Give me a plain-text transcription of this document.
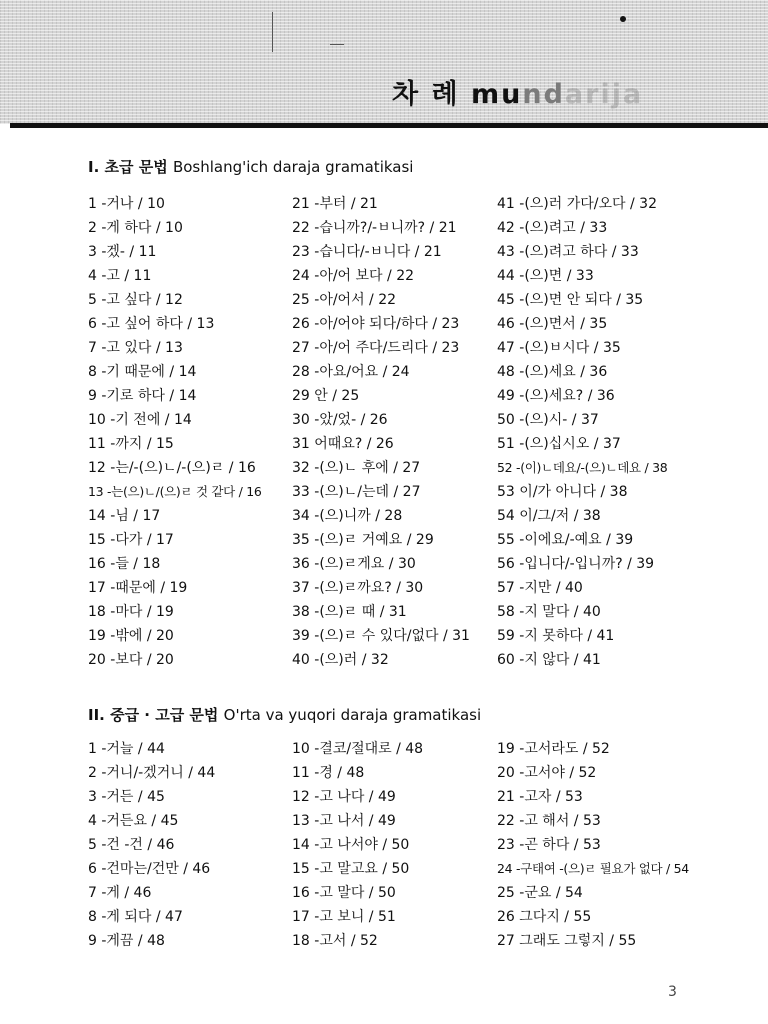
차 례 mundarija
I. 초급 문법 Boshlang'ich daraja gramatikasi
1 -거나 / 10
2 -게 하다 / 10
3 -겠- / 11
4 -고 / 11
5 -고 싶다 / 12
6 -고 싶어 하다 / 13
7 -고 있다 / 13
8 -기 때문에 / 14
9 -기로 하다 / 14
10 -기 전에 / 14
11 -까지 / 15
12 -는/-(으)ㄴ/-(으)ㄹ / 16
13 -는(으)ㄴ/(으)ㄹ 것 같다 / 16
14 -님 / 17
15 -다가 / 17
16 -들 / 18
17 -때문에 / 19
18 -마다 / 19
19 -밖에 / 20
20 -보다 / 20
21 -부터 / 21
22 -습니까?/-ㅂ니까? / 21
23 -습니다/-ㅂ니다 / 21
24 -아/어 보다 / 22
25 -아/어서 / 22
26 -아/어야 되다/하다 / 23
27 -아/어 주다/드리다 / 23
28 -아요/어요 / 24
29 안 / 25
30 -았/었- / 26
31 어때요? / 26
32 -(으)ㄴ 후에 / 27
33 -(으)ㄴ/는데 / 27
34 -(으)니까 / 28
35 -(으)ㄹ 거예요 / 29
36 -(으)ㄹ게요 / 30
37 -(으)ㄹ까요? / 30
38 -(으)ㄹ 때 / 31
39 -(으)ㄹ 수 있다/없다 / 31
40 -(으)러 / 32
41 -(으)러 가다/오다 / 32
42 -(으)려고 / 33
43 -(으)려고 하다 / 33
44 -(으)면 / 33
45 -(으)면 안 되다 / 35
46 -(으)면서 / 35
47 -(으)ㅂ시다 / 35
48 -(으)세요 / 36
49 -(으)세요? / 36
50 -(으)시- / 37
51 -(으)십시오 / 37
52 -(이)ㄴ데요/-(으)ㄴ데요 / 38
53 이/가 아니다 / 38
54 이/그/저 / 38
55 -이에요/-예요 / 39
56 -입니다/-입니까? / 39
57 -지만 / 40
58 -지 말다 / 40
59 -지 못하다 / 41
60 -지 않다 / 41
II. 중급 · 고급 문법 O'rta va yuqori daraja gramatikasi
1 -거늘 / 44
2 -거니/-겠거니 / 44
3 -거든 / 45
4 -거든요 / 45
5 -건 -건 / 46
6 -건마는/건만 / 46
7 -게 / 46
8 -게 되다 / 47
9 -게끔 / 48
10 -결코/절대로 / 48
11 -경 / 48
12 -고 나다 / 49
13 -고 나서 / 49
14 -고 나서야 / 50
15 -고 말고요 / 50
16 -고 말다 / 50
17 -고 보니 / 51
18 -고서 / 52
19 -고서라도 / 52
20 -고서야 / 52
21 -고자 / 53
22 -고 해서 / 53
23 -곤 하다 / 53
24 -구태여 -(으)ㄹ 필요가 없다 / 54
25 -군요 / 54
26 그다지 / 55
27 그래도 그렇지 / 55
3
